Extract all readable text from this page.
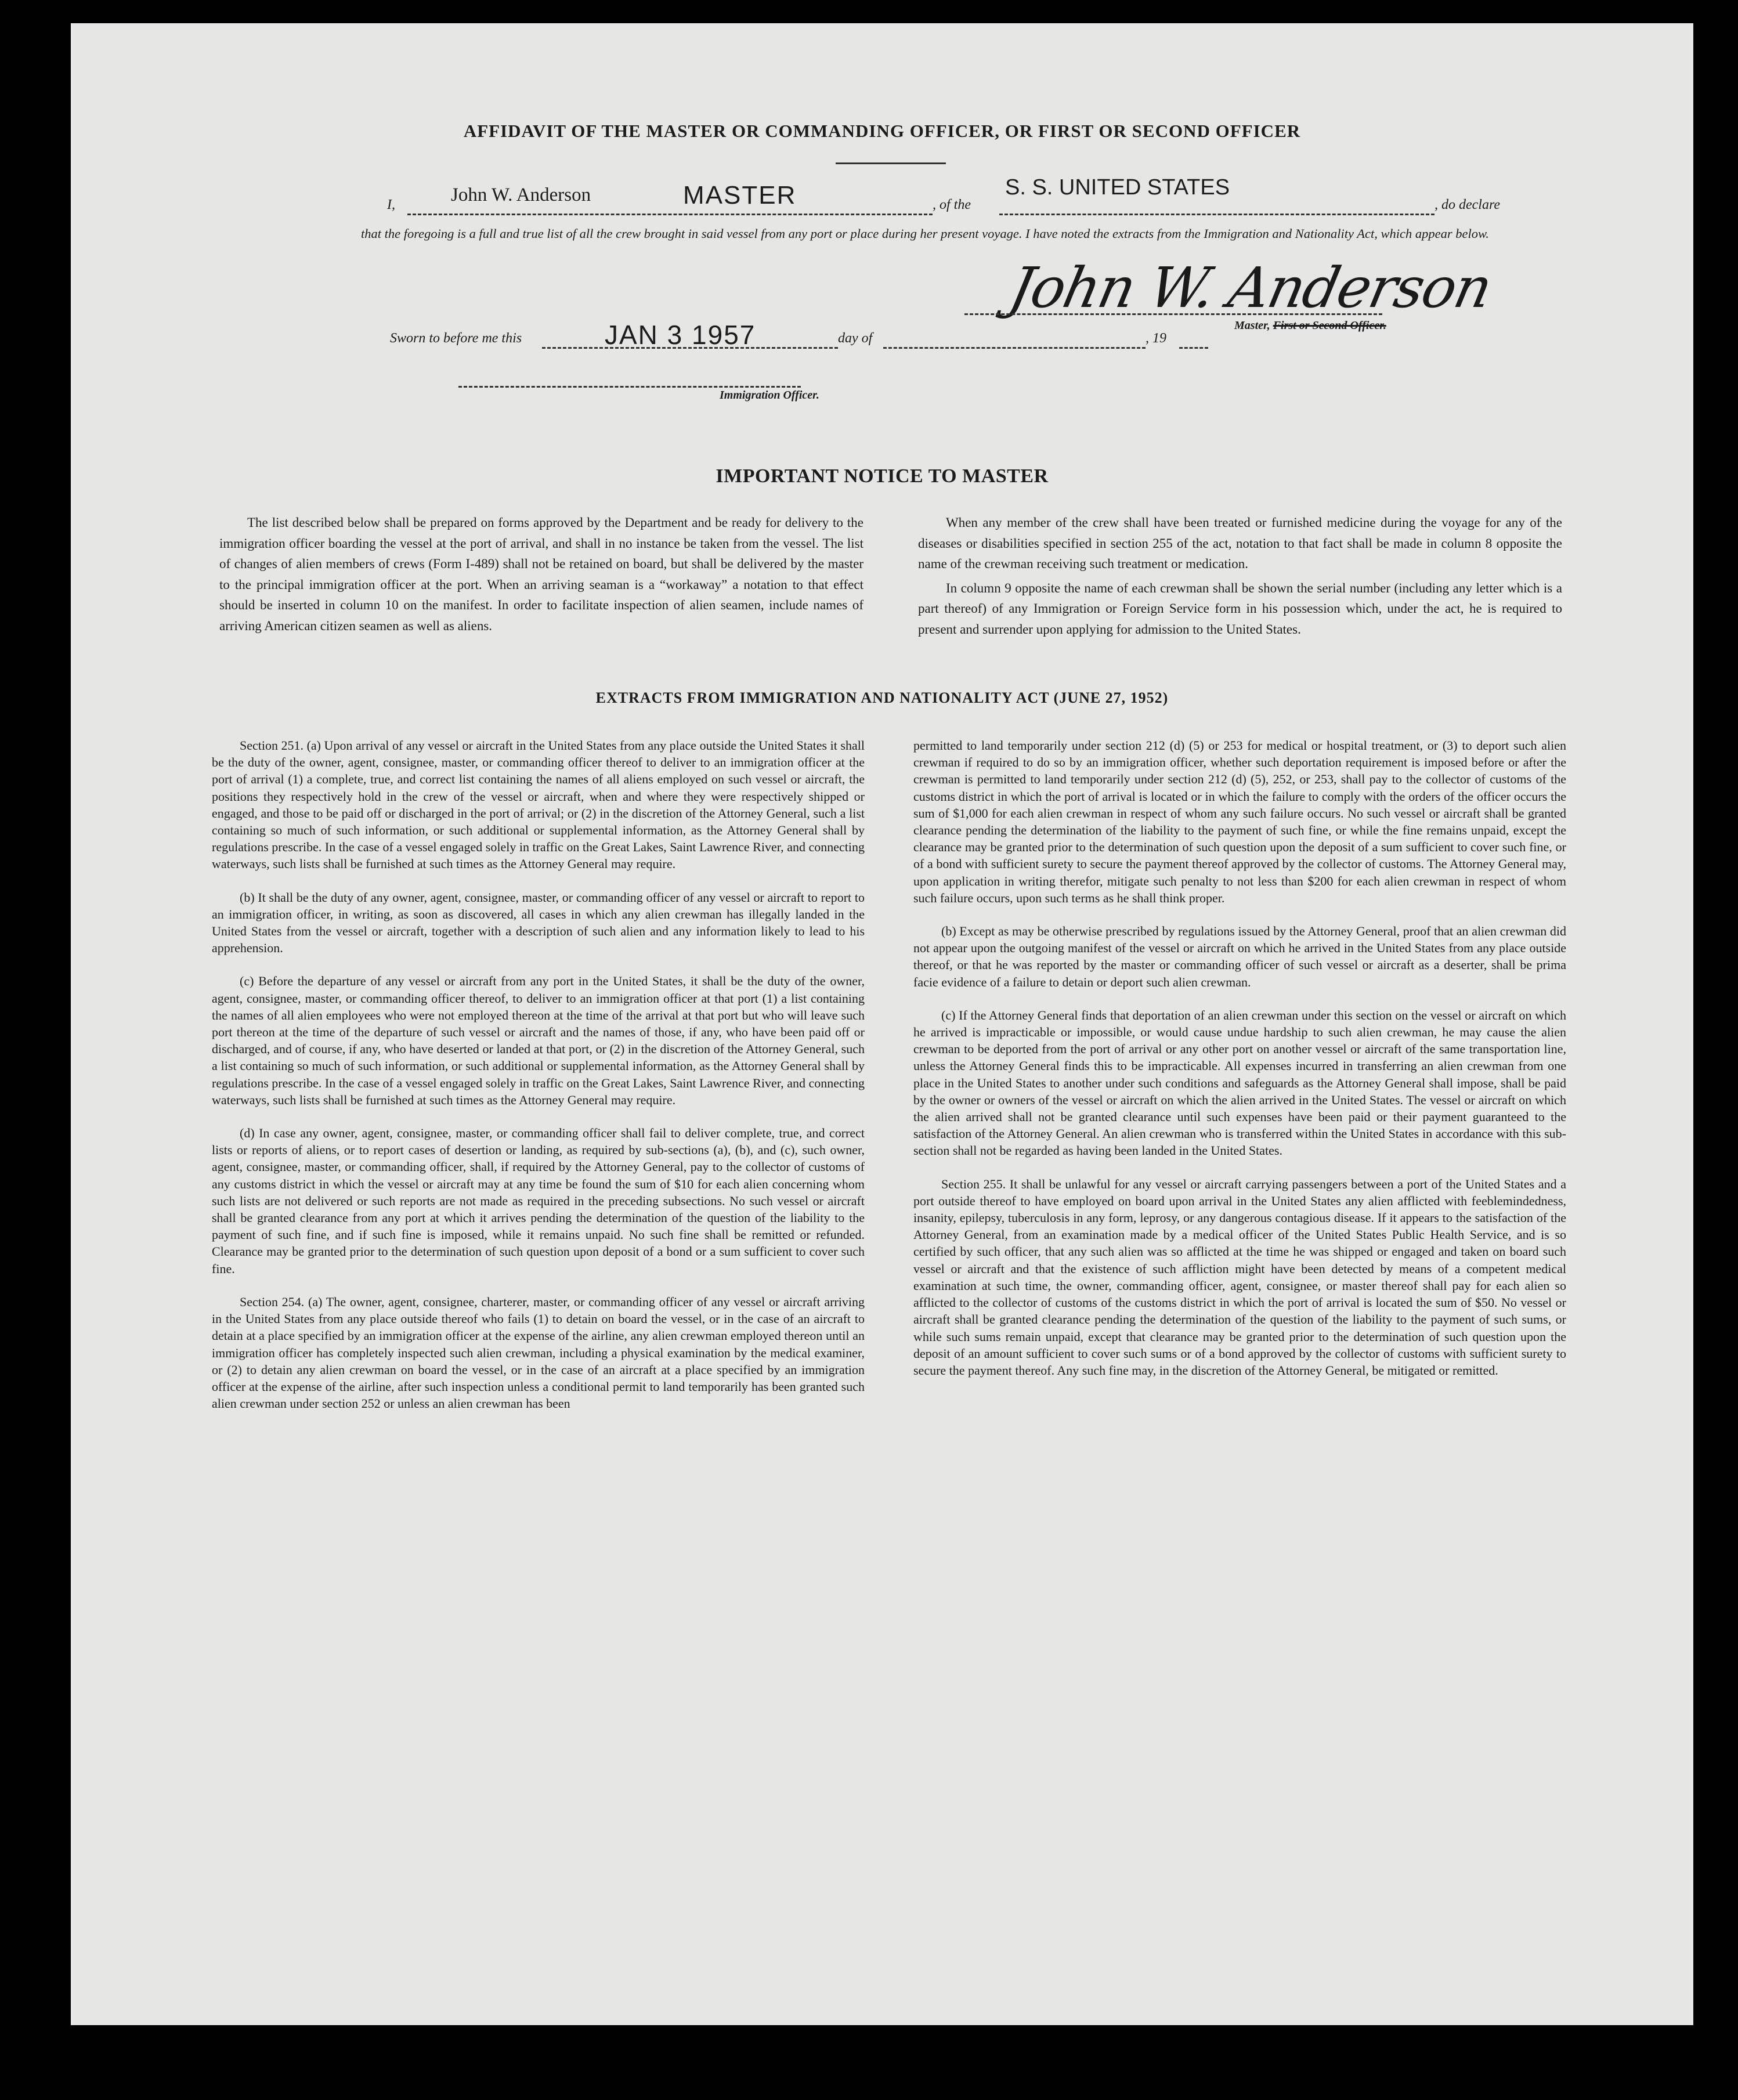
AFFIDAVIT OF THE MASTER OR COMMANDING OFFICER, OR FIRST OR SECOND OFFICER
I,	John W. Anderson	MASTER	, of the
S. S. UNITED STATES
, do declare
that the foregoing is a full and true list of all the crew brought in said vessel from any port or place during her present voyage. I have noted the extracts from the Immigration and Nationality Act, which appear below.
John W. Anderson
Master, First or Second Officer.
Sworn to before me this	JAN 3 1957	day of	, 19
Immigration Officer.
IMPORTANT NOTICE TO MASTER

The list described below shall be prepared on forms approved by the Department and be ready for delivery to the immigration officer boarding the vessel at the port of arrival, and shall in no instance be taken from the vessel. The list of changes of alien members of crews (Form I-489) shall not be retained on board, but shall be delivered by the master to the principal immigration officer at the port. When an arriving seaman is a “workaway” a notation to that effect should be inserted in column 10 on the manifest. In order to facilitate inspection of alien seamen, include names of arriving American citizen seamen as well as aliens.

When any member of the crew shall have been treated or furnished medicine during the voyage for any of the diseases or disabilities specified in section 255 of the act, notation to that fact shall be made in column 8 opposite the name of the crewman receiving such treatment or medication.

In column 9 opposite the name of each crewman shall be shown the serial number (including any letter which is a part thereof) of any Immigration or Foreign Service form in his possession which, under the act, he is required to present and surrender upon applying for admission to the United States.

EXTRACTS FROM IMMIGRATION AND NATIONALITY ACT (JUNE 27, 1952)

Section 251. (a) Upon arrival of any vessel or aircraft in the United States from any place outside the United States it shall be the duty of the owner, agent, consignee, master, or commanding officer thereof to deliver to an immigration officer at the port of arrival (1) a complete, true, and correct list containing the names of all aliens employed on such vessel or aircraft, the positions they respectively hold in the crew of the vessel or aircraft, when and where they were respectively shipped or engaged, and those to be paid off or discharged in the port of arrival; or (2) in the discretion of the Attorney General, such a list containing so much of such information, or such additional or supplemental information, as the Attorney General shall by regulations prescribe. In the case of a vessel engaged solely in traffic on the Great Lakes, Saint Lawrence River, and connecting waterways, such lists shall be furnished at such times as the Attorney General may require.

(b) It shall be the duty of any owner, agent, consignee, master, or commanding officer of any vessel or aircraft to report to an immigration officer, in writing, as soon as discovered, all cases in which any alien crewman has illegally landed in the United States from the vessel or aircraft, together with a description of such alien and any information likely to lead to his apprehension.

(c) Before the departure of any vessel or aircraft from any port in the United States, it shall be the duty of the owner, agent, consignee, master, or commanding officer thereof, to deliver to an immigration officer at that port (1) a list containing the names of all alien employees who were not employed thereon at the time of the arrival at that port but who will leave such port thereon at the time of the departure of such vessel or aircraft and the names of those, if any, who have been paid off or discharged, and of course, if any, who have deserted or landed at that port, or (2) in the discretion of the Attorney General, such a list containing so much of such information, or such additional or supplemental information, as the Attorney General shall by regulations prescribe. In the case of a vessel engaged solely in traffic on the Great Lakes, Saint Lawrence River, and connecting waterways, such lists shall be furnished at such times as the Attorney General may require.

(d) In case any owner, agent, consignee, master, or commanding officer shall fail to deliver complete, true, and correct lists or reports of aliens, or to report cases of desertion or landing, as required by sub-sections (a), (b), and (c), such owner, agent, consignee, master, or commanding officer, shall, if required by the Attorney General, pay to the collector of customs of any customs district in which the vessel or aircraft may at any time be found the sum of $10 for each alien concerning whom such lists are not delivered or such reports are not made as required in the preceding subsections. No such vessel or aircraft shall be granted clearance from any port at which it arrives pending the determination of the question of the liability to the payment of such fine, and if such fine is imposed, while it remains unpaid. No such fine shall be remitted or refunded. Clearance may be granted prior to the determination of such question upon deposit of a bond or a sum sufficient to cover such fine.

Section 254. (a) The owner, agent, consignee, charterer, master, or commanding officer of any vessel or aircraft arriving in the United States from any place outside thereof who fails (1) to detain on board the vessel, or in the case of an aircraft to detain at a place specified by an immigration officer at the expense of the airline, any alien crewman employed thereon until an immigration officer has completely inspected such alien crewman, including a physical examination by the medical examiner, or (2) to detain any alien crewman on board the vessel, or in the case of an aircraft at a place specified by an immigration officer at the expense of the airline, after such inspection unless a conditional permit to land temporarily has been granted such alien crewman under section 252 or unless an alien crewman has been

permitted to land temporarily under section 212 (d) (5) or 253 for medical or hospital treatment, or (3) to deport such alien crewman if required to do so by an immigration officer, whether such deportation requirement is imposed before or after the crewman is permitted to land temporarily under section 212 (d) (5), 252, or 253, shall pay to the collector of customs of the customs district in which the port of arrival is located or in which the failure to comply with the orders of the officer occurs the sum of $1,000 for each alien crewman in respect of whom any such failure occurs. No such vessel or aircraft shall be granted clearance pending the determination of the liability to the payment of such fine, or while the fine remains unpaid, except the clearance may be granted prior to the determination of such question upon the deposit of a sum sufficient to cover such fine, or of a bond with sufficient surety to secure the payment thereof approved by the collector of customs. The Attorney General may, upon application in writing therefor, mitigate such penalty to not less than $200 for each alien crewman in respect of whom such failure occurs, upon such terms as he shall think proper.

(b) Except as may be otherwise prescribed by regulations issued by the Attorney General, proof that an alien crewman did not appear upon the outgoing manifest of the vessel or aircraft on which he arrived in the United States from any place outside thereof, or that he was reported by the master or commanding officer of such vessel or aircraft as a deserter, shall be prima facie evidence of a failure to detain or deport such alien crewman.

(c) If the Attorney General finds that deportation of an alien crewman under this section on the vessel or aircraft on which he arrived is impracticable or impossible, or would cause undue hardship to such alien crewman, he may cause the alien crewman to be deported from the port of arrival or any other port on another vessel or aircraft of the same transportation line, unless the Attorney General finds this to be impracticable. All expenses incurred in transferring an alien crewman from one place in the United States to another under such conditions and safeguards as the Attorney General shall impose, shall be paid by the owner or owners of the vessel or aircraft on which the alien arrived in the United States. The vessel or aircraft on which the alien arrived shall not be granted clearance until such expenses have been paid or their payment guaranteed to the satisfaction of the Attorney General. An alien crewman who is transferred within the United States in accordance with this sub-section shall not be regarded as having been landed in the United States.

Section 255. It shall be unlawful for any vessel or aircraft carrying passengers between a port of the United States and a port outside thereof to have employed on board upon arrival in the United States any alien afflicted with feeblemindedness, insanity, epilepsy, tuberculosis in any form, leprosy, or any dangerous contagious disease. If it appears to the satisfaction of the Attorney General, from an examination made by a medical officer of the United States Public Health Service, and is so certified by such officer, that any such alien was so afflicted at the time he was shipped or engaged and taken on board such vessel or aircraft and that the existence of such affliction might have been detected by means of a competent medical examination at such time, the owner, commanding officer, agent, consignee, or master thereof shall pay for each alien so afflicted to the collector of customs of the customs district in which the port of arrival is located the sum of $50. No vessel or aircraft shall be granted clearance pending the determination of the question of the liability to the payment of such sums, or while such sums remain unpaid, except that clearance may be granted prior to the determination of such question upon the deposit of an amount sufficient to cover such sums or of a bond approved by the collector of customs with sufficient surety to secure the payment thereof. Any such fine may, in the discretion of the Attorney General, be mitigated or remitted.
